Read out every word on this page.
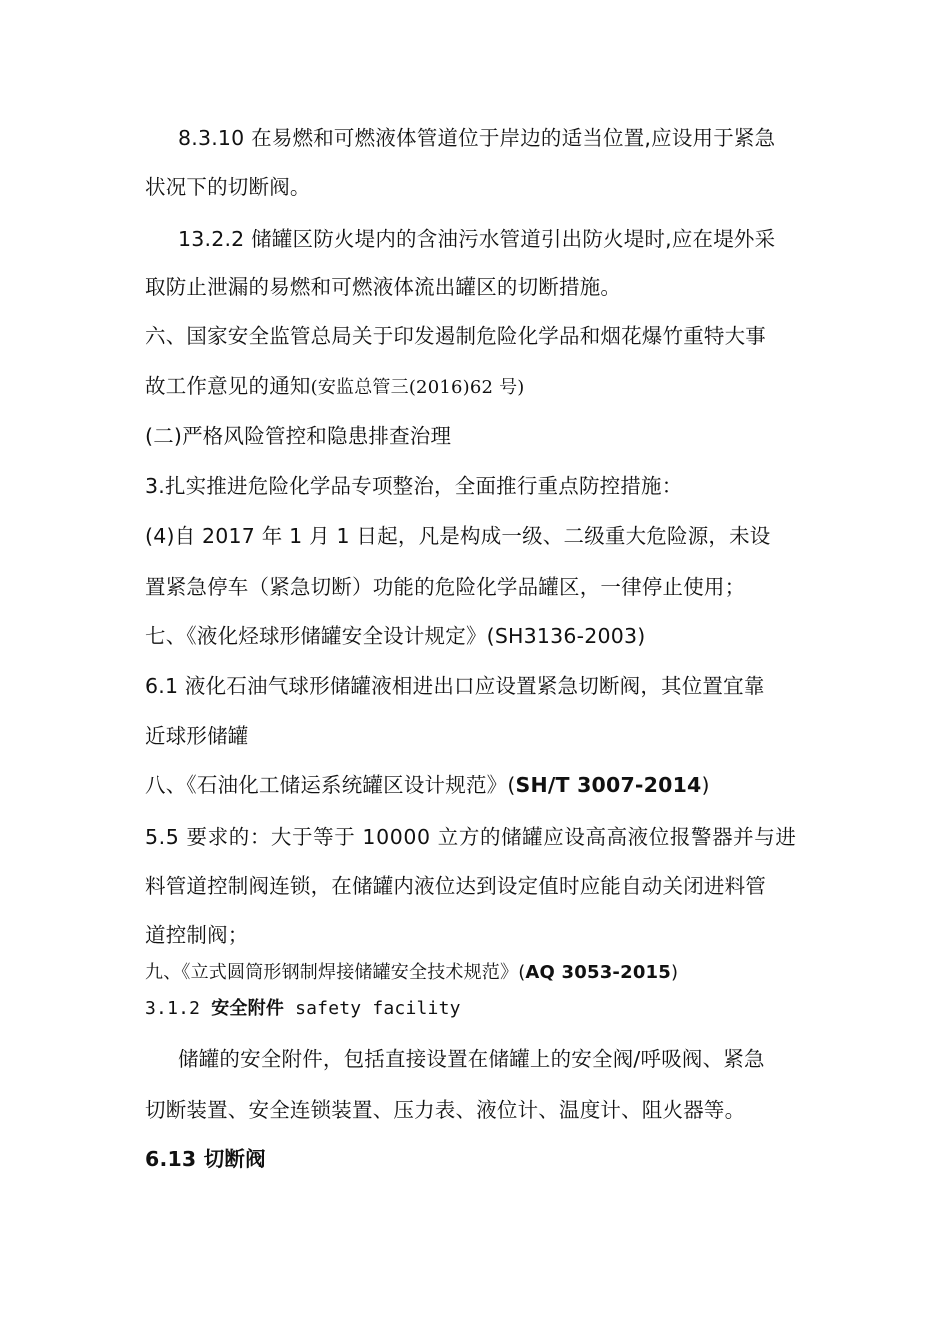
8.3.10 在易燃和可燃液体管道位于岸边的适当位置,应设用于紧急
状况下的切断阀。
13.2.2 储罐区防火堤内的含油污水管道引出防火堤时,应在堤外采
取防止泄漏的易燃和可燃液体流出罐区的切断措施。
六、国家安全监管总局关于印发遏制危险化学品和烟花爆竹重特大事
故工作意见的通知(安监总管三(2016)62 号)
(二)严格风险管控和隐患排查治理
3.扎实推进危险化学品专项整治，全面推行重点防控措施：
(4)自 2017 年 1 月 1 日起，凡是构成一级、二级重大危险源，未设
置紧急停车（紧急切断）功能的危险化学品罐区，一律停止使用；
七、《液化烃球形储罐安全设计规定》(SH3136-2003)
6.1 液化石油气球形储罐液相进出口应设置紧急切断阀，其位置宜靠
近球形储罐
八、《石油化工储运系统罐区设计规范》(SH/T 3007-2014)
5.5 要求的：大于等于 10000 立方的储罐应设高高液位报警器并与进
料管道控制阀连锁，在储罐内液位达到设定值时应能自动关闭进料管
道控制阀；
九、《立式圆筒形钢制焊接储罐安全技术规范》(AQ 3053-2015)
3.1.2 安全附件 safety facility
储罐的安全附件，包括直接设置在储罐上的安全阀/呼吸阀、紧急
切断装置、安全连锁装置、压力表、液位计、温度计、阻火器等。
6.13 切断阀
